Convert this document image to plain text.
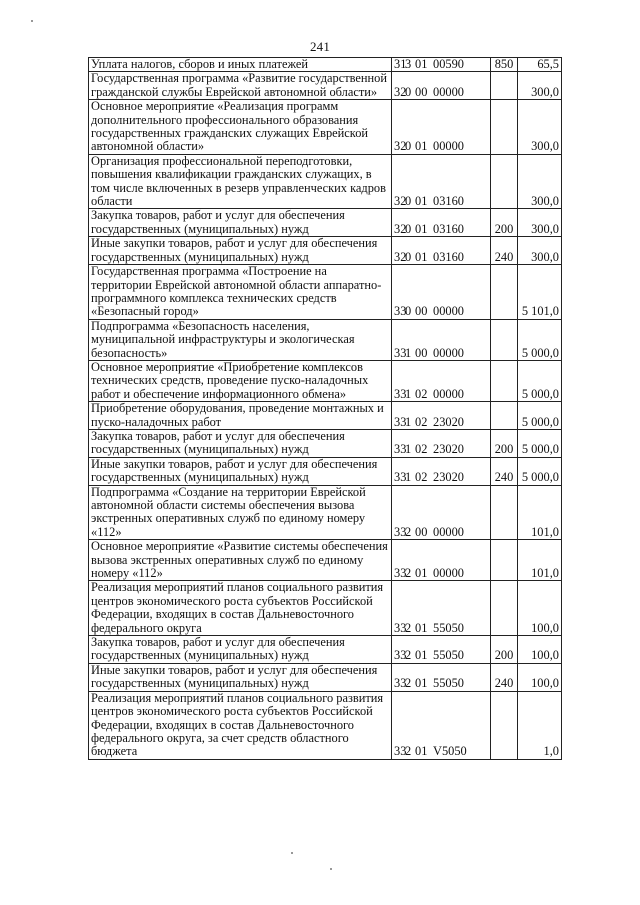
241
Уплата налогов, сборов и иных платежей	313 01 00590	850	65,5
Государственная программа «Развитие государственной гражданской службы Еврейской автономной области»	320 00 00000		300,0
Основное мероприятие «Реализация программ дополнительного профессионального образования государственных гражданских служащих Еврейской автономной области»	320 01 00000		300,0
Организация профессиональной переподготовки, повышения квалификации гражданских служащих, в том числе включенных в резерв управленческих кадров области	320 01 03160		300,0
Закупка товаров, работ и услуг для обеспечения государственных (муниципальных) нужд	320 01 03160	200	300,0
Иные закупки товаров, работ и услуг для обеспечения государственных (муниципальных) нужд	320 01 03160	240	300,0
Государственная программа «Построение на территории Еврейской автономной области аппаратно-программного комплекса технических средств «Безопасный город»	330 00 00000		5 101,0
Подпрограмма «Безопасность населения, муниципальной инфраструктуры и экологическая безопасность»	331 00 00000		5 000,0
Основное мероприятие «Приобретение комплексов технических средств, проведение пуско-наладочных работ и обеспечение информационного обмена»	331 02 00000		5 000,0
Приобретение оборудования, проведение монтажных и пуско-наладочных работ	331 02 23020		5 000,0
Закупка товаров, работ и услуг для обеспечения государственных (муниципальных) нужд	331 02 23020	200	5 000,0
Иные закупки товаров, работ и услуг для обеспечения государственных (муниципальных) нужд	331 02 23020	240	5 000,0
Подпрограмма «Создание на территории Еврейской автономной области системы обеспечения вызова экстренных оперативных служб по единому номеру «112»	332 00 00000		101,0
Основное мероприятие «Развитие системы обеспечения вызова экстренных оперативных служб по единому номеру «112»	332 01 00000		101,0
Реализация мероприятий планов социального развития центров экономического роста субъектов Российской Федерации, входящих в состав Дальневосточного федерального округа	332 01 55050		100,0
Закупка товаров, работ и услуг для обеспечения государственных (муниципальных) нужд	332 01 55050	200	100,0
Иные закупки товаров, работ и услуг для обеспечения государственных (муниципальных) нужд	332 01 55050	240	100,0
Реализация мероприятий планов социального развития центров экономического роста субъектов Российской Федерации, входящих в состав Дальневосточного федерального округа, за счет средств областного бюджета	332 01 V5050		1,0
